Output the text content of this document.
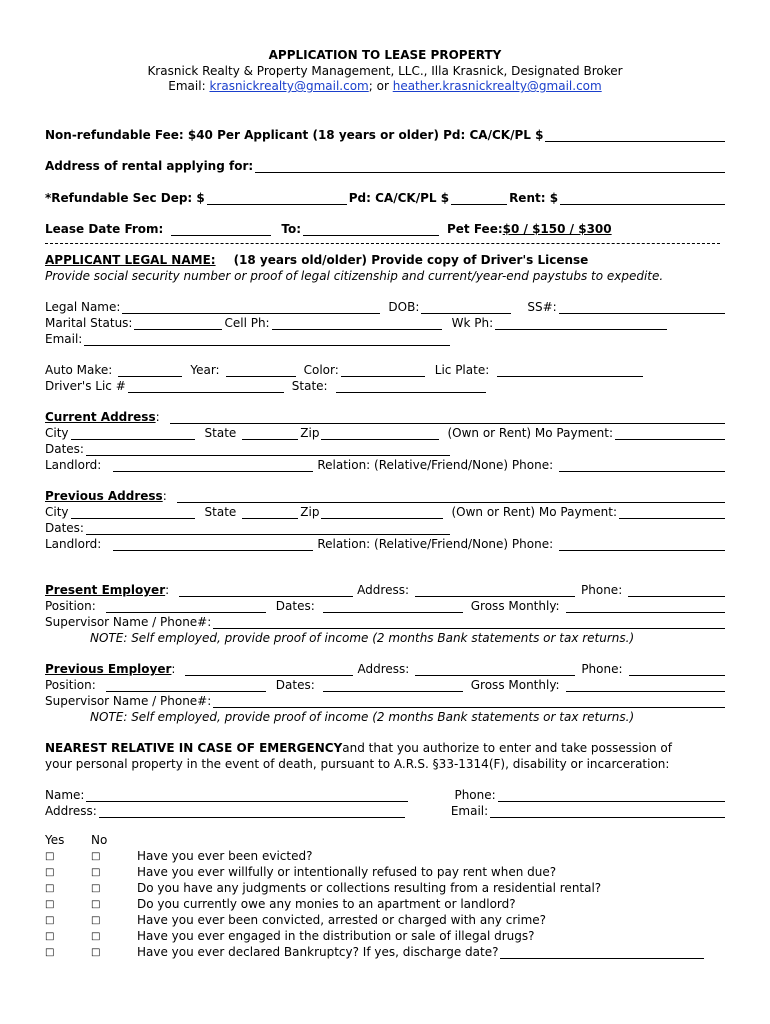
APPLICATION TO LEASE PROPERTY
Krasnick Realty & Property Management, LLC., Illa Krasnick, Designated Broker
Email: krasnickrealty@gmail.com; or heather.krasnickrealty@gmail.com
Non-refundable Fee: $40 Per Applicant (18 years or older) Pd: CA/CK/PL $
Address of rental applying for:
*Refundable Sec Dep: $	Pd: CA/CK/PL $	Rent: $
Lease Date From:	To:	Pet Fee: $0 / $150 / $300
APPLICANT LEGAL NAME: (18 years old/older) Provide copy of Driver's License
Provide social security number or proof of legal citizenship and current/year-end paystubs to expedite.
Legal Name:	DOB:	SS#:
Marital Status:	Cell Ph:	Wk Ph:
Email:
Auto Make:	Year:	Color:	Lic Plate:
Driver's Lic #	State:
Current Address :
City	State	Zip	(Own or Rent) Mo Payment:
Dates:
Landlord:	Relation: (Relative/Friend/None) Phone:
Previous Address :
City	State	Zip	(Own or Rent) Mo Payment:
Dates:
Landlord:	Relation: (Relative/Friend/None) Phone:
Present Employer :	Address:	Phone:
Position:	Dates:	Gross Monthly:
Supervisor Name / Phone#:
NOTE: Self employed, provide proof of income (2 months Bank statements or tax returns.)
Previous Employer :	Address:	Phone:
Position:	Dates:	Gross Monthly:
Supervisor Name / Phone#:
NOTE: Self employed, provide proof of income (2 months Bank statements or tax returns.)
NEAREST RELATIVE IN CASE OF EMERGENCY and that you authorize to enter and take possession of
your personal property in the event of death, pursuant to A.R.S. §33-1314(F), disability or incarceration:
Name:	Phone:
Address:	Email:
Yes No
□	□	Have you ever been evicted?
□	□	Have you ever willfully or intentionally refused to pay rent when due?
□	□	Do you have any judgments or collections resulting from a residential rental?
□	□	Do you currently owe any monies to an apartment or landlord?
□	□	Have you ever been convicted, arrested or charged with any crime?
□	□	Have you ever engaged in the distribution or sale of illegal drugs?
□	□	Have you ever declared Bankruptcy? If yes, discharge date?
